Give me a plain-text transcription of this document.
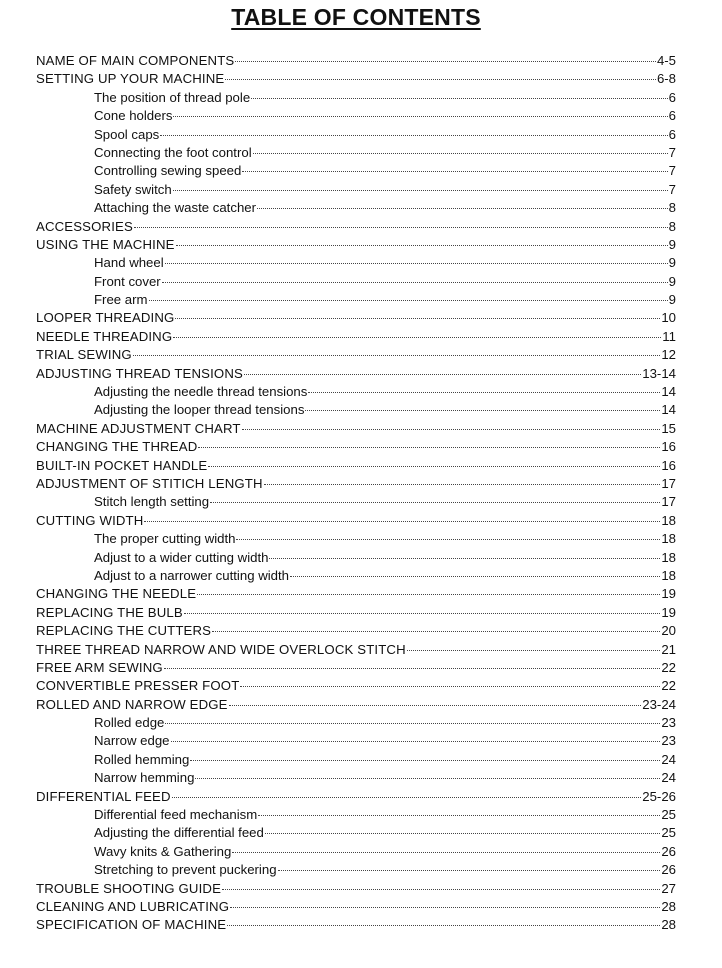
TABLE OF CONTENTS
NAME OF MAIN COMPONENTS	4-5
SETTING UP YOUR MACHINE	6-8
The position of thread pole	6
Cone holders	6
Spool caps	6
Connecting the foot control	7
Controlling sewing speed	7
Safety switch	7
Attaching the waste catcher	8
ACCESSORIES	8
USING THE MACHINE	9
Hand wheel	9
Front cover	9
Free arm	9
LOOPER THREADING	10
NEEDLE THREADING	11
TRIAL SEWING	12
ADJUSTING THREAD TENSIONS	13-14
Adjusting the needle thread tensions	14
Adjusting the looper thread tensions	14
MACHINE ADJUSTMENT CHART	15
CHANGING THE THREAD	16
BUILT-IN POCKET HANDLE	16
ADJUSTMENT OF STITICH LENGTH	17
Stitch length setting	17
CUTTING WIDTH	18
The proper cutting width	18
Adjust to a wider cutting width	18
Adjust to a narrower cutting width	18
CHANGING THE NEEDLE	19
REPLACING THE BULB	19
REPLACING THE CUTTERS	20
THREE THREAD NARROW AND WIDE OVERLOCK STITCH	21
FREE ARM SEWING	22
CONVERTIBLE PRESSER FOOT	22
ROLLED AND NARROW EDGE	23-24
Rolled edge	23
Narrow edge	23
Rolled hemming	24
Narrow hemming	24
DIFFERENTIAL FEED	25-26
Differential feed mechanism	25
Adjusting the differential feed	25
Wavy knits & Gathering	26
Stretching to prevent puckering	26
TROUBLE SHOOTING GUIDE	27
CLEANING AND LUBRICATING	28
SPECIFICATION OF MACHINE	28
